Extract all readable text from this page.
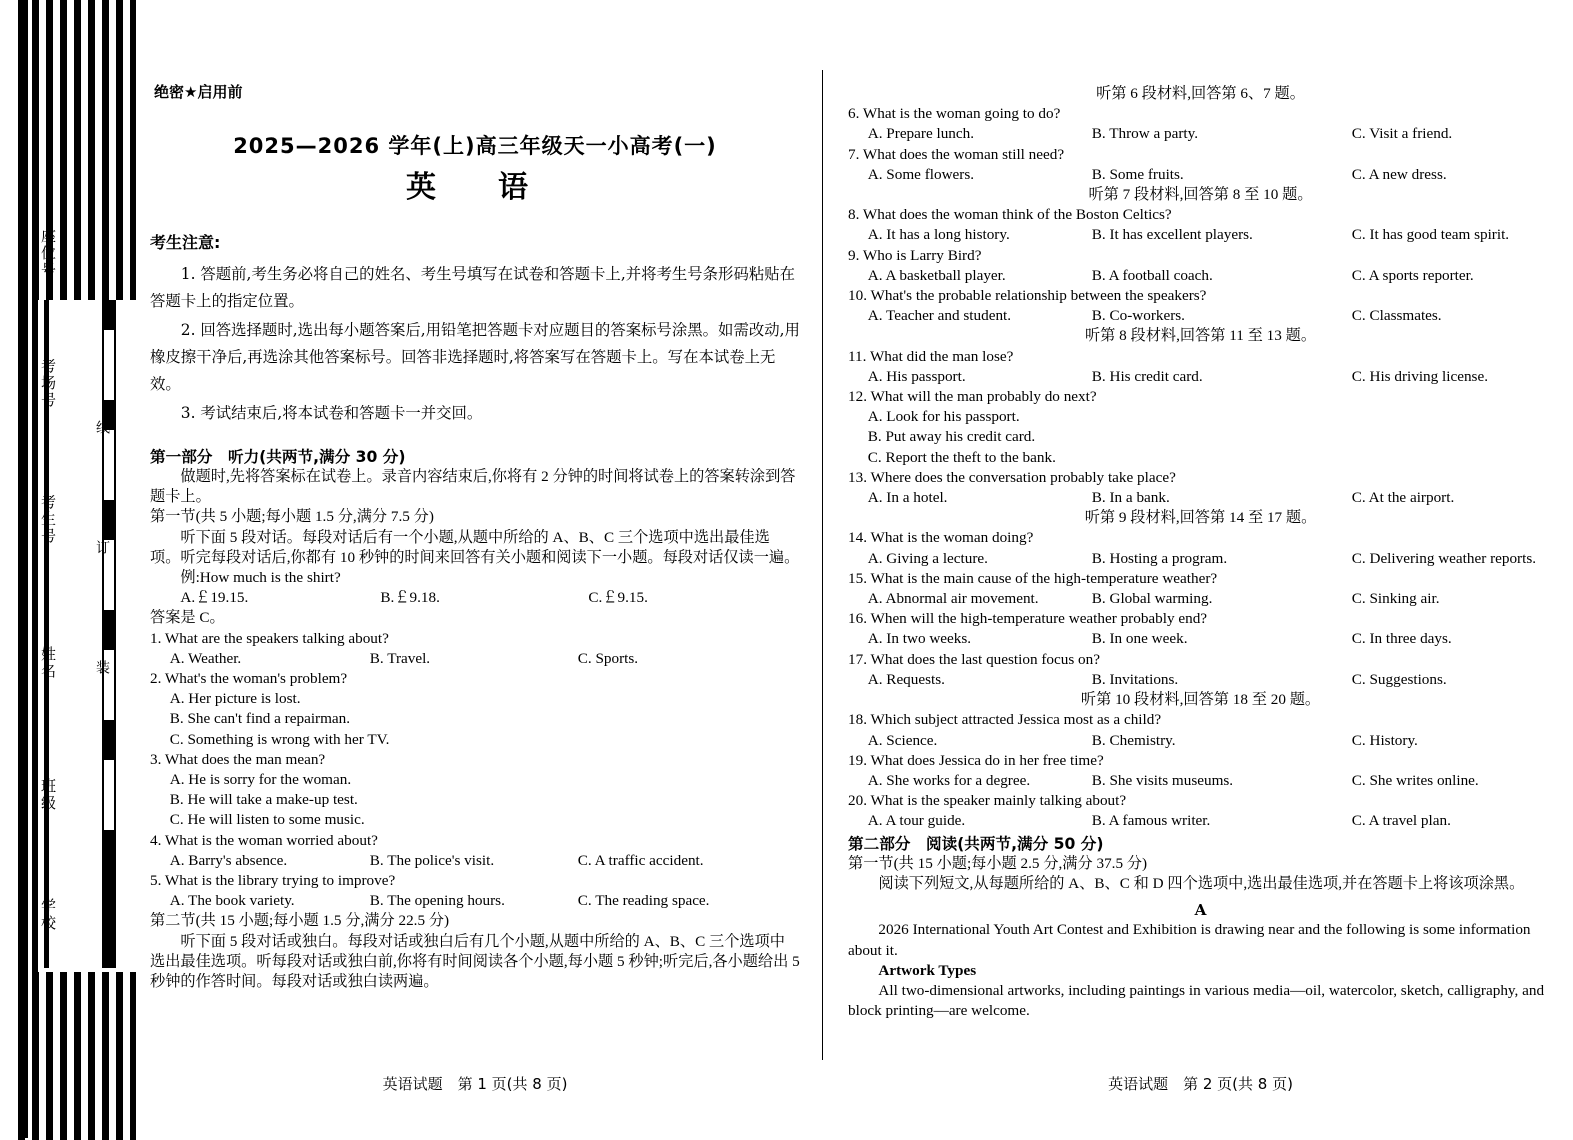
座位号
考场号
考生号
姓名
班级
学校
线
订
装
绝密★启用前
2025—2026 学年(上)高三年级天一小高考(一)
英　语
考生注意:

1. 答题前,考生务必将自己的姓名、考生号填写在试卷和答题卡上,并将考生号条形码粘贴在答题卡上的指定位置。

2. 回答选择题时,选出每小题答案后,用铅笔把答题卡对应题目的答案标号涂黑。如需改动,用橡皮擦干净后,再选涂其他答案标号。回答非选择题时,将答案写在答题卡上。写在本试卷上无效。

3. 考试结束后,将本试卷和答题卡一并交回。

第一部分　听力(共两节,满分 30 分)

做题时,先将答案标在试卷上。录音内容结束后,你将有 2 分钟的时间将试卷上的答案转涂到答题卡上。

第一节(共 5 小题;每小题 1.5 分,满分 7.5 分)

听下面 5 段对话。每段对话后有一个小题,从题中所给的 A、B、C 三个选项中选出最佳选项。听完每段对话后,你都有 10 秒钟的时间来回答有关小题和阅读下一小题。每段对话仅读一遍。

例:How much is the shirt?

A.￡19.15.	B.￡9.18.	C.￡9.15.

答案是 C。

1. What are the speakers talking about?

A. Weather.	B. Travel.	C. Sports.

2. What's the woman's problem?

A. Her picture is lost.

B. She can't find a repairman.

C. Something is wrong with her TV.

3. What does the man mean?

A. He is sorry for the woman.

B. He will take a make-up test.

C. He will listen to some music.

4. What is the woman worried about?

A. Barry's absence.	B. The police's visit.	C. A traffic accident.

5. What is the library trying to improve?

A. The book variety.	B. The opening hours.	C. The reading space.

第二节(共 15 小题;每小题 1.5 分,满分 22.5 分)

听下面 5 段对话或独白。每段对话或独白后有几个小题,从题中所给的 A、B、C 三个选项中选出最佳选项。听每段对话或独白前,你将有时间阅读各个小题,每小题 5 秒钟;听完后,各小题给出 5 秒钟的作答时间。每段对话或独白读两遍。

听第 6 段材料,回答第 6、7 题。

6. What is the woman going to do?

A. Prepare lunch.	B. Throw a party.	C. Visit a friend.

7. What does the woman still need?

A. Some flowers.	B. Some fruits.	C. A new dress.

听第 7 段材料,回答第 8 至 10 题。

8. What does the woman think of the Boston Celtics?

A. It has a long history.	B. It has excellent players.	C. It has good team spirit.

9. Who is Larry Bird?

A. A basketball player.	B. A football coach.	C. A sports reporter.

10. What's the probable relationship between the speakers?

A. Teacher and student.	B. Co-workers.	C. Classmates.

听第 8 段材料,回答第 11 至 13 题。

11. What did the man lose?

A. His passport.	B. His credit card.	C. His driving license.

12. What will the man probably do next?

A. Look for his passport.

B. Put away his credit card.

C. Report the theft to the bank.

13. Where does the conversation probably take place?

A. In a hotel.	B. In a bank.	C. At the airport.

听第 9 段材料,回答第 14 至 17 题。

14. What is the woman doing?

A. Giving a lecture.	B. Hosting a program.	C. Delivering weather reports.

15. What is the main cause of the high-temperature weather?

A. Abnormal air movement.	B. Global warming.	C. Sinking air.

16. When will the high-temperature weather probably end?

A. In two weeks.	B. In one week.	C. In three days.

17. What does the last question focus on?

A. Requests.	B. Invitations.	C. Suggestions.

听第 10 段材料,回答第 18 至 20 题。

18. Which subject attracted Jessica most as a child?

A. Science.	B. Chemistry.	C. History.

19. What does Jessica do in her free time?

A. She works for a degree.	B. She visits museums.	C. She writes online.

20. What is the speaker mainly talking about?

A. A tour guide.	B. A famous writer.	C. A travel plan.
第二部分　阅读(共两节,满分 50 分)

第一节(共 15 小题;每小题 2.5 分,满分 37.5 分)

阅读下列短文,从每题所给的 A、B、C 和 D 四个选项中,选出最佳选项,并在答题卡上将该项涂黑。

A

2026 International Youth Art Contest and Exhibition is drawing near and the following is some information about it.

Artwork Types

All two-dimensional artworks, including paintings in various media—oil, watercolor, sketch, calligraphy, and block printing—are welcome.

英语试题　第 1 页(共 8 页)	英语试题　第 2 页(共 8 页)
